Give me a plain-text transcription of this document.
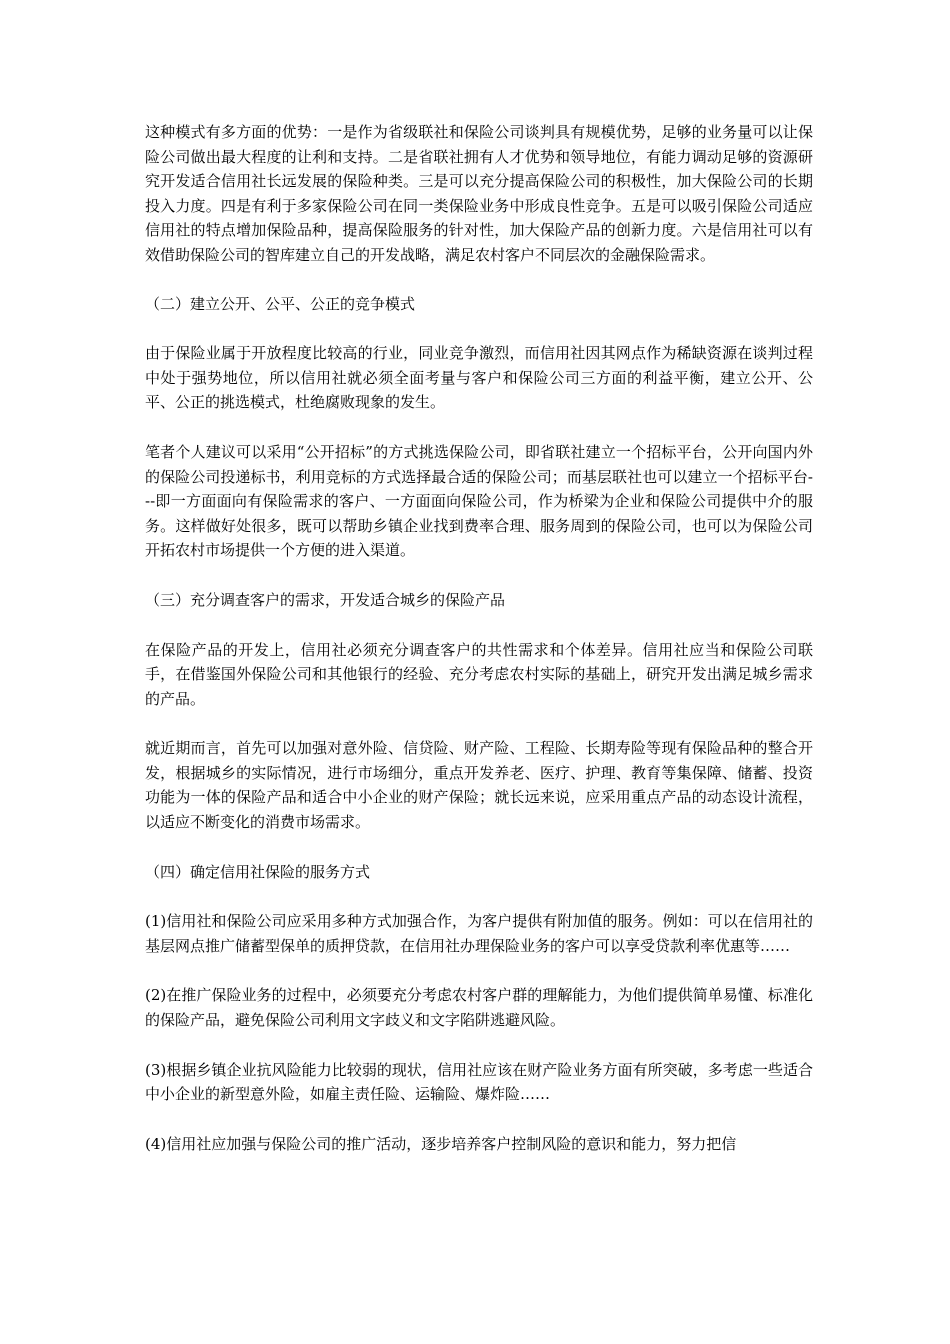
这种模式有多方面的优势：一是作为省级联社和保险公司谈判具有规模优势，足够的业务量可以让保险公司做出最大程度的让利和支持。二是省联社拥有人才优势和领导地位，有能力调动足够的资源研究开发适合信用社长远发展的保险种类。三是可以充分提高保险公司的积极性，加大保险公司的长期投入力度。四是有利于多家保险公司在同一类保险业务中形成良性竞争。五是可以吸引保险公司适应信用社的特点增加保险品种，提高保险服务的针对性，加大保险产品的创新力度。六是信用社可以有效借助保险公司的智库建立自己的开发战略，满足农村客户不同层次的金融保险需求。

（二）建立公开、公平、公正的竞争模式

由于保险业属于开放程度比较高的行业，同业竞争激烈，而信用社因其网点作为稀缺资源在谈判过程中处于强势地位，所以信用社就必须全面考量与客户和保险公司三方面的利益平衡，建立公开、公平、公正的挑选模式，杜绝腐败现象的发生。

笔者个人建议可以采用“公开招标”的方式挑选保险公司，即省联社建立一个招标平台，公开向国内外的保险公司投递标书，利用竞标的方式选择最合适的保险公司；而基层联社也可以建立一个招标平台---即一方面面向有保险需求的客户、一方面面向保险公司，作为桥梁为企业和保险公司提供中介的服务。这样做好处很多，既可以帮助乡镇企业找到费率合理、服务周到的保险公司，也可以为保险公司开拓农村市场提供一个方便的进入渠道。

（三）充分调查客户的需求，开发适合城乡的保险产品

在保险产品的开发上，信用社必须充分调查客户的共性需求和个体差异。信用社应当和保险公司联手，在借鉴国外保险公司和其他银行的经验、充分考虑农村实际的基础上，研究开发出满足城乡需求的产品。

就近期而言，首先可以加强对意外险、信贷险、财产险、工程险、长期寿险等现有保险品种的整合开发，根据城乡的实际情况，进行市场细分，重点开发养老、医疗、护理、教育等集保障、储蓄、投资功能为一体的保险产品和适合中小企业的财产保险；就长远来说，应采用重点产品的动态设计流程，以适应不断变化的消费市场需求。

（四）确定信用社保险的服务方式

(1)信用社和保险公司应采用多种方式加强合作，为客户提供有附加值的服务。例如：可以在信用社的基层网点推广储蓄型保单的质押贷款，在信用社办理保险业务的客户可以享受贷款利率优惠等……

(2)在推广保险业务的过程中，必须要充分考虑农村客户群的理解能力，为他们提供简单易懂、标准化的保险产品，避免保险公司利用文字歧义和文字陷阱逃避风险。

(3)根据乡镇企业抗风险能力比较弱的现状，信用社应该在财产险业务方面有所突破，多考虑一些适合中小企业的新型意外险，如雇主责任险、运输险、爆炸险……

(4)信用社应加强与保险公司的推广活动，逐步培养客户控制风险的意识和能力，努力把信
